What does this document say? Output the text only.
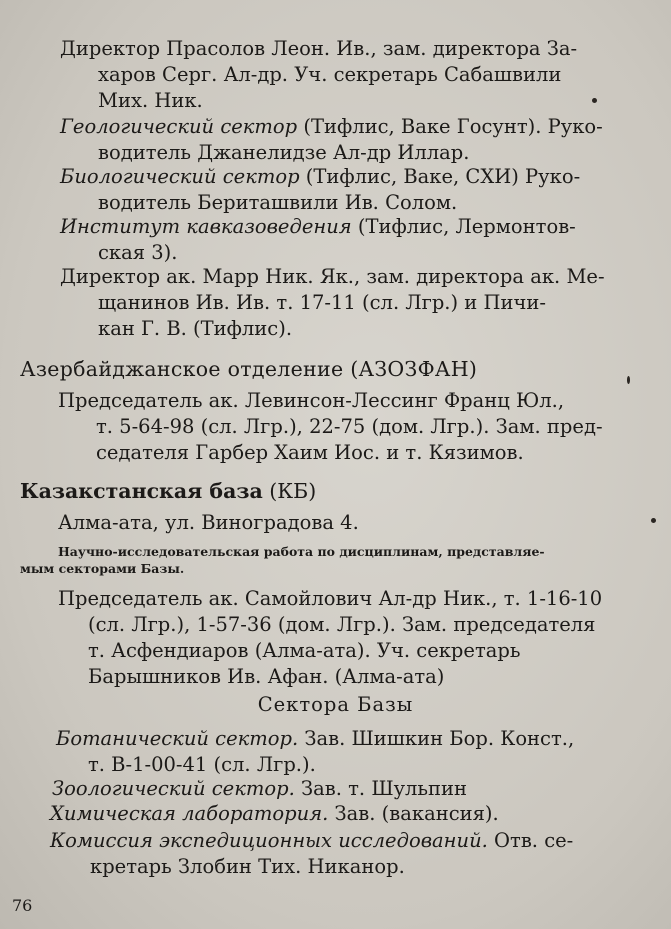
Директор Прасолов Леон. Ив., зам. директора За-
харов Серг. Ал-др. Уч. секретарь Сабашвили
Мих. Ник.
Геологический сектор (Тифлис, Ваке Госунт). Руко-
водитель Джанелидзе Ал-др Иллар.
Биологический сектор (Тифлис, Ваке, СХИ) Руко-
водитель Бериташвили Ив. Солом.
Институт кавказоведения (Тифлис, Лермонтов-
ская 3).
Директор ак. Марр Ник. Як., зам. директора ак. Ме-
щанинов Ив. Ив. т. 17-11 (сл. Лгр.) и Пичи-
кан Г. В. (Тифлис).
Азербайджанское отделение (АЗОЗФАН)
Председатель ак. Левинсон-Лессинг Франц Юл.,
т. 5-64-98 (сл. Лгр.), 22-75 (дом. Лгр.). Зам. пред-
седателя Гарбер Хаим Иос. и т. Кязимов.
Казакстанская база (КБ)
Алма-ата, ул. Виноградова 4.
Научно-исследовательская работа по дисциплинам, представляе-
мым секторами Базы.
Председатель ак. Самойлович Ал-др Ник., т. 1-16-10
(сл. Лгр.), 1-57-36 (дом. Лгр.). Зам. председателя
т. Асфендиаров (Алма-ата). Уч. секретарь
Барышников Ив. Афан. (Алма-ата)
Сектора Базы
Ботанический сектор. Зав. Шишкин Бор. Конст.,
т. В-1-00-41 (сл. Лгр.).
Зоологический сектор. Зав. т. Шульпин
Химическая лаборатория. Зав. (вакансия).
Комиссия экспедиционных исследований. Отв. се-
кретарь Злобин Тих. Никанор.
76
